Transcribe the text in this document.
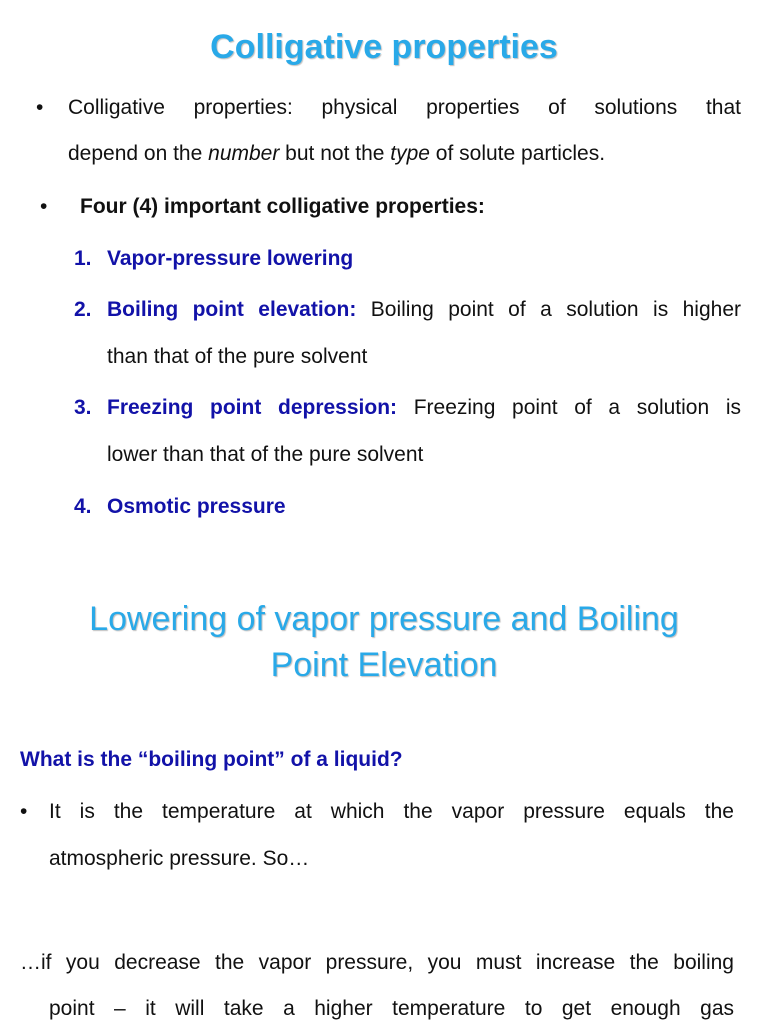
Colligative properties
• Colligative properties: physical properties of solutions that
depend on the number but not the type of solute particles.
• Four (4) important colligative properties:
1. Vapor-pressure lowering
2. Boiling point elevation: Boiling point of a solution is higher
than that of the pure solvent
3. Freezing point depression: Freezing point of a solution is
lower than that of the pure solvent
4. Osmotic pressure
Lowering of vapor pressure and Boiling
Point Elevation
What is the “boiling point” of a liquid?
• It is the temperature at which the vapor pressure equals the
atmospheric pressure. So…
…if you decrease the vapor pressure, you must increase the boiling
point – it will take a higher temperature to get enough gas
